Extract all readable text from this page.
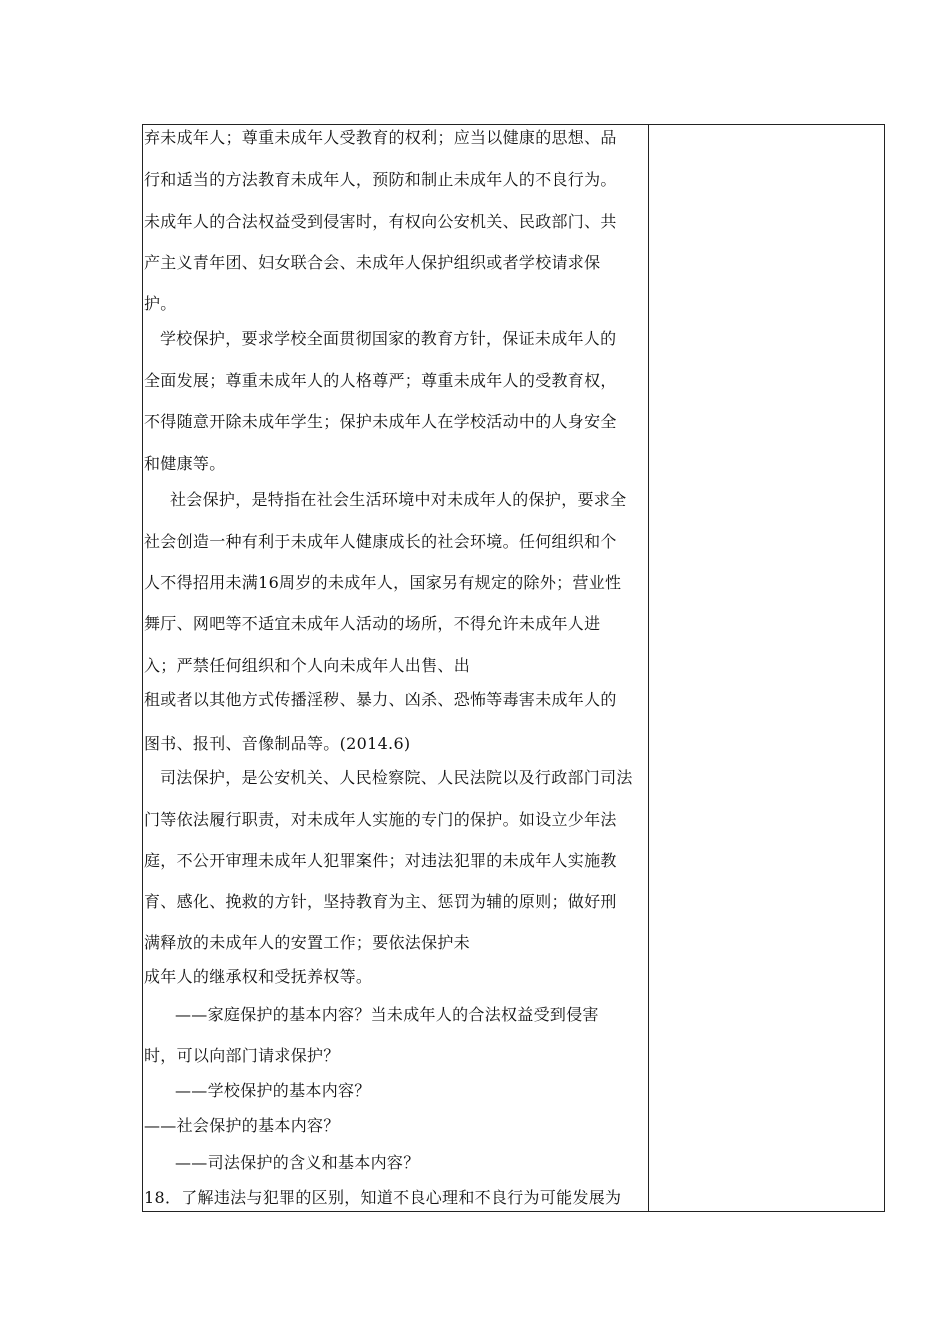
弃未成年人；尊重未成年人受教育的权利；应当以健康的思想、品
行和适当的方法教育未成年人，预防和制止未成年人的不良行为。
未成年人的合法权益受到侵害时，有权向公安机关、民政部门、共
产主义青年团、妇女联合会、未成年人保护组织或者学校请求保
护。
学校保护，要求学校全面贯彻国家的教育方针，保证未成年人的
全面发展；尊重未成年人的人格尊严；尊重未成年人的受教育权，
不得随意开除未成年学生；保护未成年人在学校活动中的人身安全
和健康等。
社会保护，是特指在社会生活环境中对未成年人的保护，要求全
社会创造一种有利于未成年人健康成长的社会环境。任何组织和个
人不得招用未满16周岁的未成年人，国家另有规定的除外；营业性
舞厅、网吧等不适宜未成年人活动的场所，不得允许未成年人进
入；严禁任何组织和个人向未成年人出售、出
租或者以其他方式传播淫秽、暴力、凶杀、恐怖等毒害未成年人的
图书、报刊、音像制品等。(2014.6)
司法保护，是公安机关、人民检察院、人民法院以及行政部门司法
门等依法履行职责，对未成年人实施的专门的保护。如设立少年法
庭，不公开审理未成年人犯罪案件；对违法犯罪的未成年人实施教
育、感化、挽救的方针，坚持教育为主、惩罚为辅的原则；做好刑
满释放的未成年人的安置工作；要依法保护未
成年人的继承权和受抚养权等。
——家庭保护的基本内容？当未成年人的合法权益受到侵害
时，可以向部门请求保护？
——学校保护的基本内容？
——社会保护的基本内容？
——司法保护的含义和基本内容？
18．了解违法与犯罪的区别，知道不良心理和不良行为可能发展为
